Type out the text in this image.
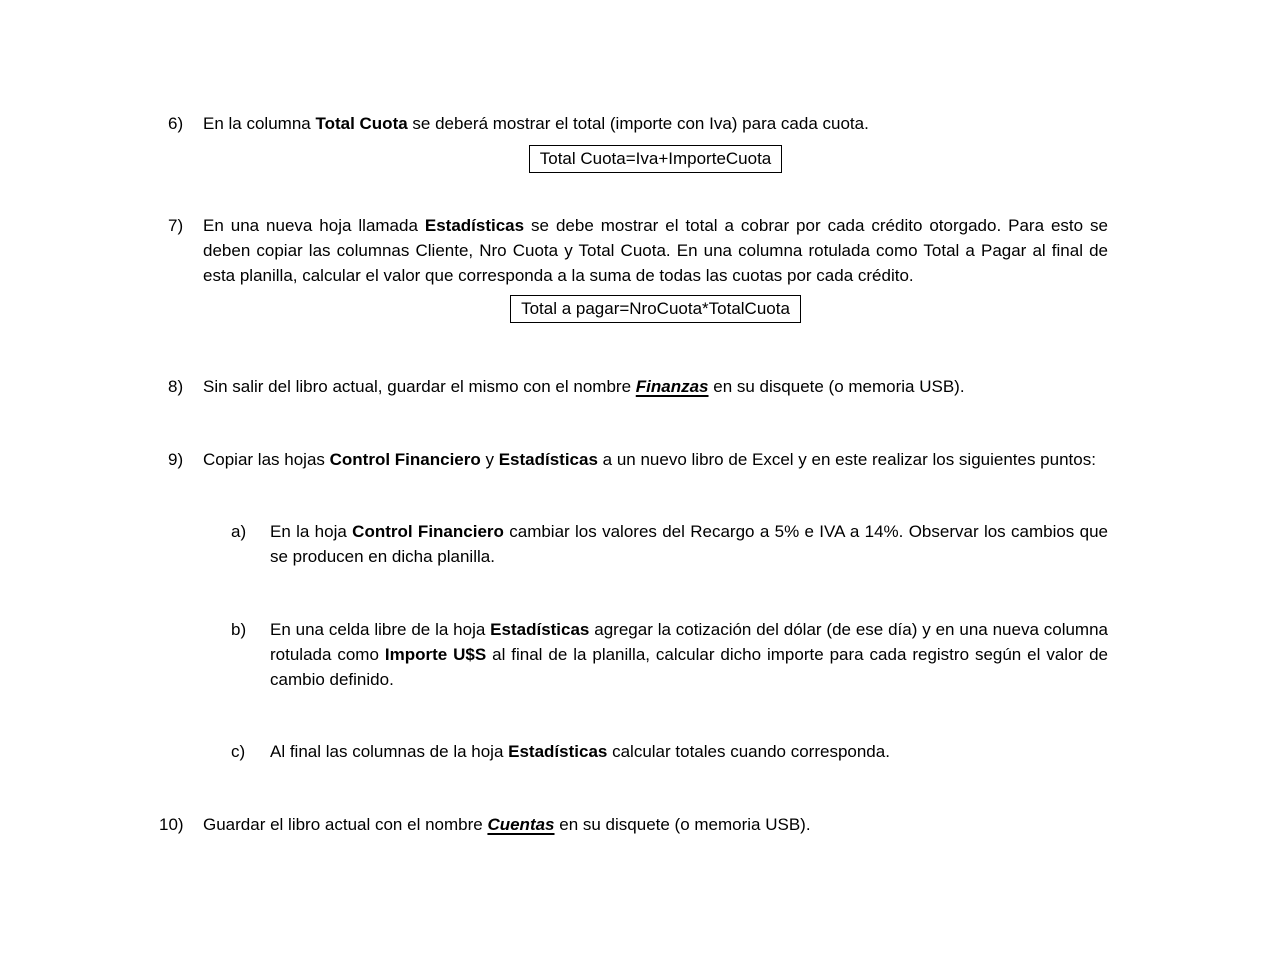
6)	En la columna Total Cuota se deberá mostrar el total (importe con Iva) para cada cuota.

Total Cuota=Iva+ImporteCuota
7)	En una nueva hoja llamada Estadísticas se debe mostrar el total a cobrar por cada crédito otorgado. Para esto se deben copiar las columnas Cliente, Nro Cuota y Total Cuota. En una columna rotulada como Total a Pagar al final de esta planilla, calcular el valor que corresponda a la suma de todas las cuotas por cada crédito.

Total a pagar=NroCuota*TotalCuota
8)	Sin salir del libro actual, guardar el mismo con el nombre Finanzas en su disquete (o memoria USB).

9)	Copiar las hojas Control Financiero y Estadísticas a un nuevo libro de Excel y en este realizar los siguientes puntos:

a)	En la hoja Control Financiero cambiar los valores del Recargo a 5% e IVA a 14%. Observar los cambios que se producen en dicha planilla.

b)	En una celda libre de la hoja Estadísticas agregar la cotización del dólar (de ese día) y en una nueva columna rotulada como Importe U$S al final de la planilla, calcular dicho importe para cada registro según el valor de cambio definido.

c)	Al final las columnas de la hoja Estadísticas calcular totales cuando corresponda.

10)	Guardar el libro actual con el nombre Cuentas en su disquete (o memoria USB).
